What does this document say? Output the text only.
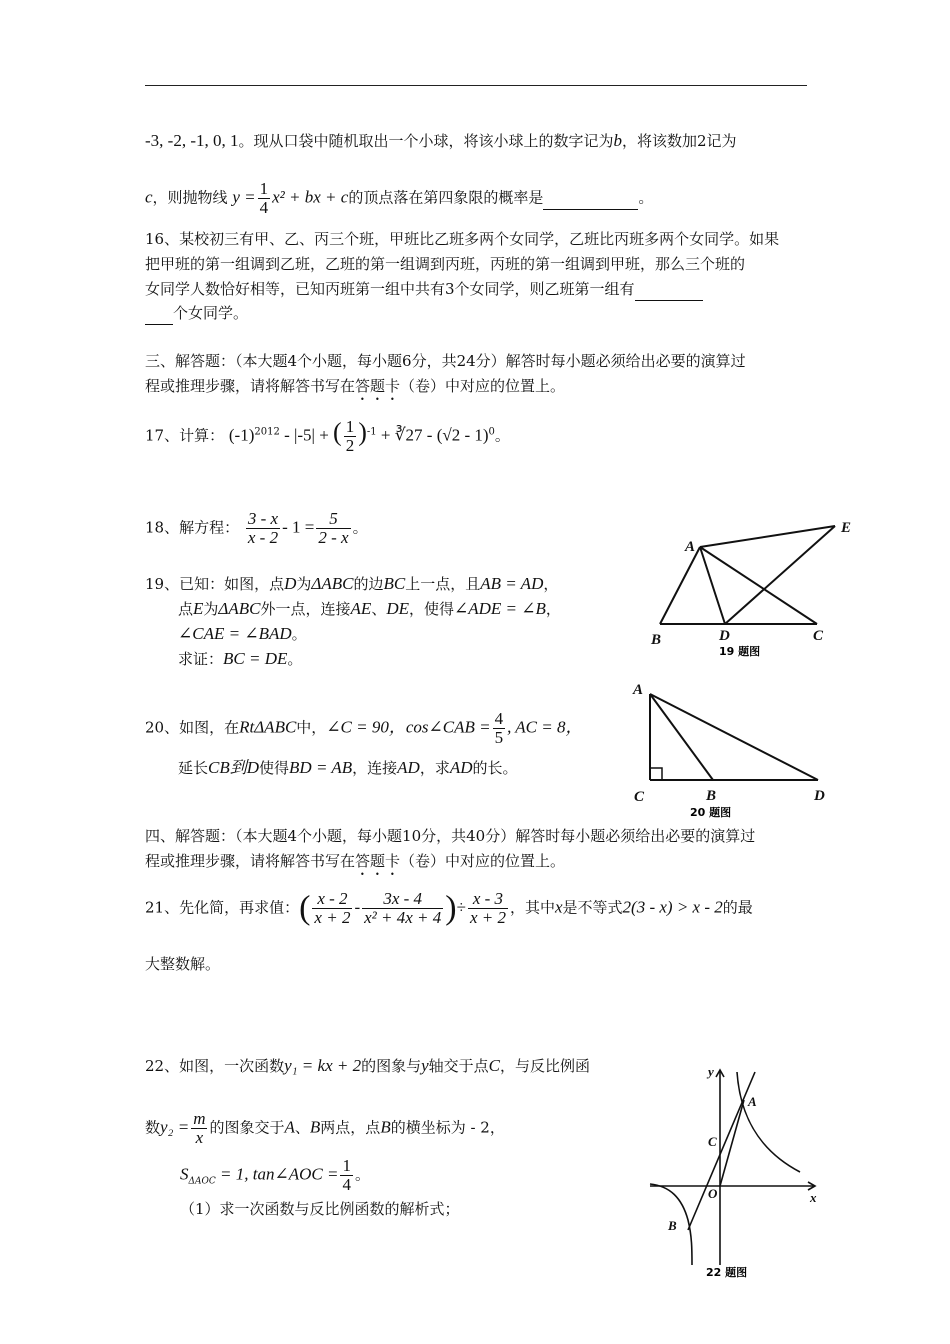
-3, -2, -1, 0, 1。现从口袋中随机取出一个小球，将该小球上的数字记为b，将该数加2记为
c，则抛物线 $y = \frac{1}{4} x^2$ + bx + c的顶点落在第四象限的概率是	。
16、某校初三有甲、乙、丙三个班，甲班比乙班多两个女同学，乙班比丙班多两个女同学。如果
把甲班的第一组调到乙班，乙班的第一组调到丙班，丙班的第一组调到甲班，那么三个班的
女同学人数恰好相等，已知丙班第一组中共有3个女同学，则乙班第一组有
个女同学。
三、解答题：（本大题4个小题，每小题6分，共24分）解答时每小题必须给出必要的演算过
程或推理步骤，请将解答书写在答题卡（卷）中对应的位置上。
17、计算： $(-1)^{2012} - |-5|$ + ( $\frac{1}{2} )^{-1}$ + ∛27 - (√2 - 1)$^0$。
18、解方程： $\frac{3 - x}{x - 2} - 1 = \frac{5}{2 - x}$ 。
19、已知：如图，点D为ΔABC的边BC上一点，且AB = AD，
点E为ΔABC外一点，连接AE、DE，使得∠ADE = ∠B，
∠CAE = ∠BAD。
求证：BC = DE。
A
B	C
D
E
19 题图
20、如图，在RtΔABC中，∠C = 90，cos∠CAB = $\frac{4}{5}$ , AC = 8，
延长CB到D使得BD = AB，连接AD，求AD的长。
A
B
C	D
20 题图
四、解答题：（本大题4个小题，每小题10分，共40分）解答时每小题必须给出必要的演算过
程或推理步骤，请将解答书写在答题卡（卷）中对应的位置上。
21、先化简，再求值：( $\frac{x - 2}{x + 2} - \frac{3x - 4}{\text{x² + 4x + 4}}$ )÷ $\frac{x - 3}{x + 2}$ ，其中x是不等式2(3 - x) > x - 2的最
大整数解。
22、如图，一次函数y₁ = kx + 2的图象与y轴交于点C，与反比例函
数$y_2 = \frac{m}{x}$ 的图象交于A、B两点，点B的横坐标为 - 2，
$S_{\Delta AOC} = 1$, tan∠AOC = $\frac{1}{4}$ 。
（1）求一次函数与反比例函数的解析式；
y
x
A
B
C
O
22 题图
